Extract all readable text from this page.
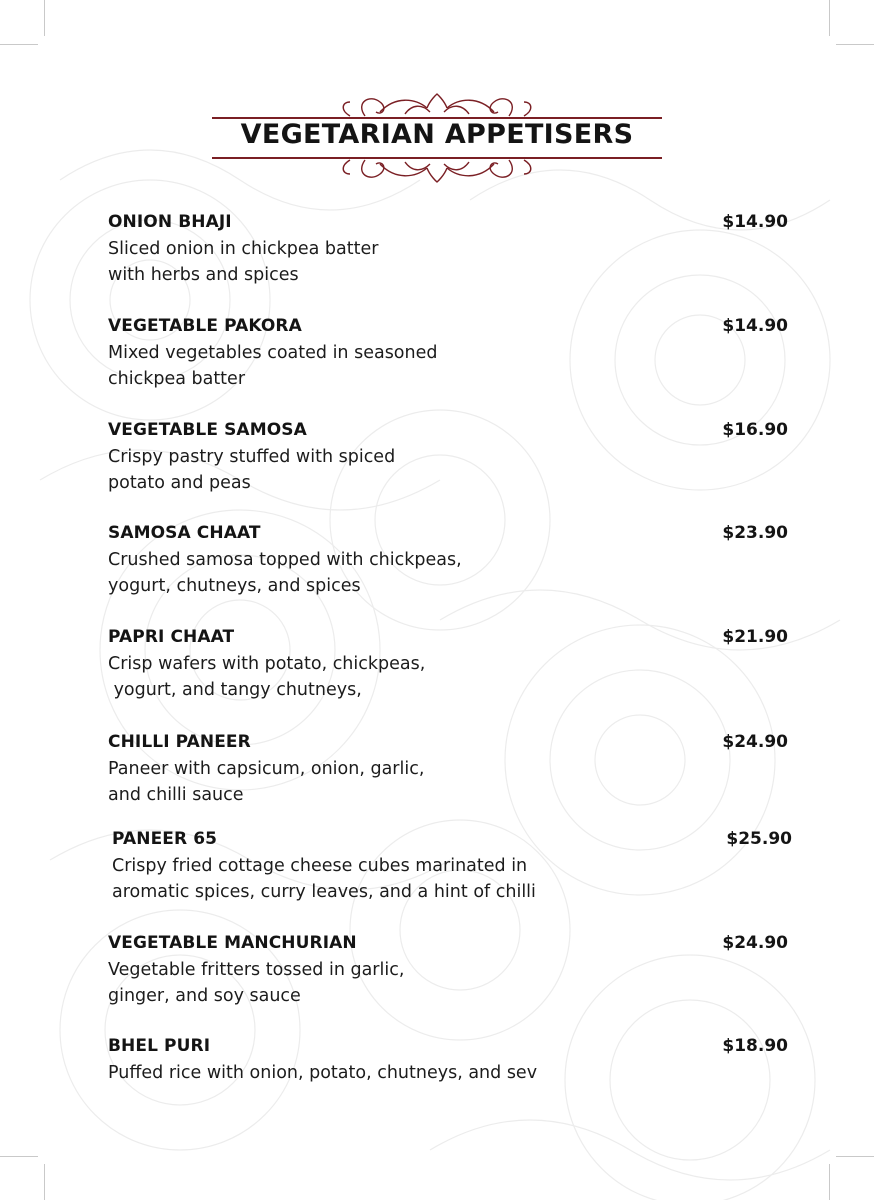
VEGETARIAN APPETISERS
ONION BHAJI	$14.90
Sliced onion in chickpea batter
with herbs and spices
VEGETABLE PAKORA	$14.90
Mixed vegetables coated in seasoned
chickpea batter
VEGETABLE SAMOSA	$16.90
Crispy pastry stuffed with spiced
potato and peas
SAMOSA CHAAT	$23.90
Crushed samosa topped with chickpeas,
yogurt, chutneys, and spices
PAPRI CHAAT	$21.90
Crisp wafers with potato, chickpeas,
yogurt, and tangy chutneys,
CHILLI PANEER	$24.90
Paneer with capsicum, onion, garlic,
and chilli sauce
PANEER 65	$25.90
Crispy fried cottage cheese cubes marinated in
aromatic spices, curry leaves, and a hint of chilli
VEGETABLE MANCHURIAN	$24.90
Vegetable fritters tossed in garlic,
ginger, and soy sauce
BHEL PURI	$18.90
Puffed rice with onion, potato, chutneys, and sev
